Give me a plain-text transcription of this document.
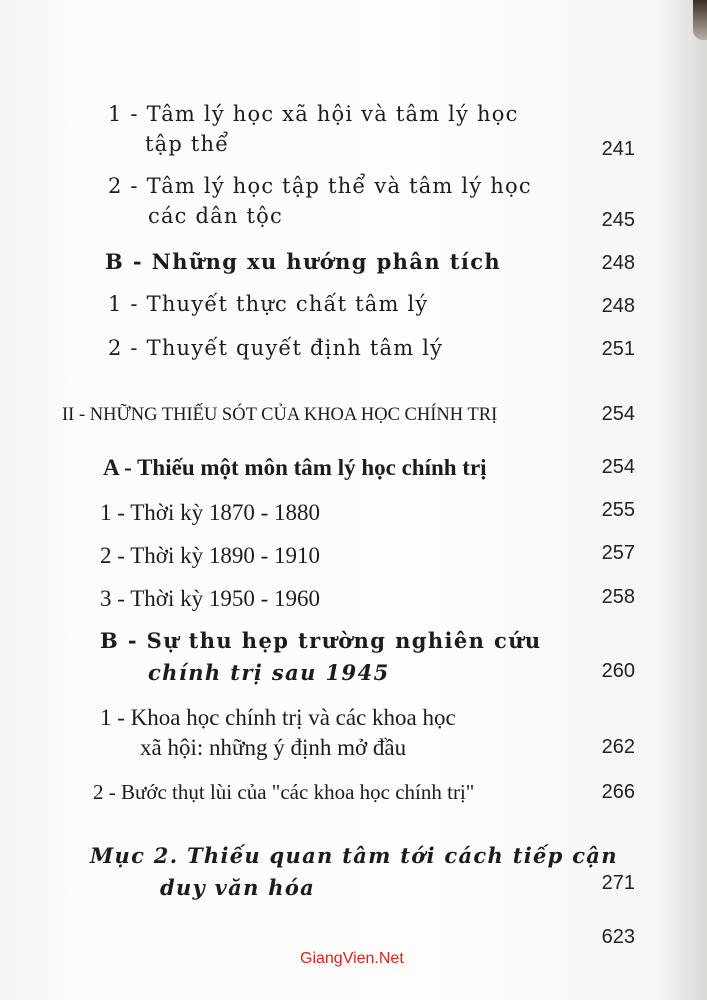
1 - Tâm lý học xã hội và tâm lý học
tập thể	241
2 - Tâm lý học tập thể và tâm lý học
các dân tộc	245
B - Những xu hướng phân tích	248
1 - Thuyết thực chất tâm lý	248
2 - Thuyết quyết định tâm lý	251
II - NHỮNG THIẾU SÓT CỦA KHOA HỌC CHÍNH TRỊ	254
A - Thiếu một môn tâm lý học chính trị	254
1 - Thời kỳ 1870 - 1880	255
2 - Thời kỳ 1890 - 1910	257
3 - Thời kỳ 1950 - 1960	258
B - Sự thu hẹp trường nghiên cứu
chính trị sau 1945	260
1 - Khoa học chính trị và các khoa học
xã hội: những ý định mở đầu	262
2 - Bước thụt lùi của "các khoa học chính trị"	266
Mục 2. Thiếu quan tâm tới cách tiếp cận
duy văn hóa	271
623
GiangVien.Net
